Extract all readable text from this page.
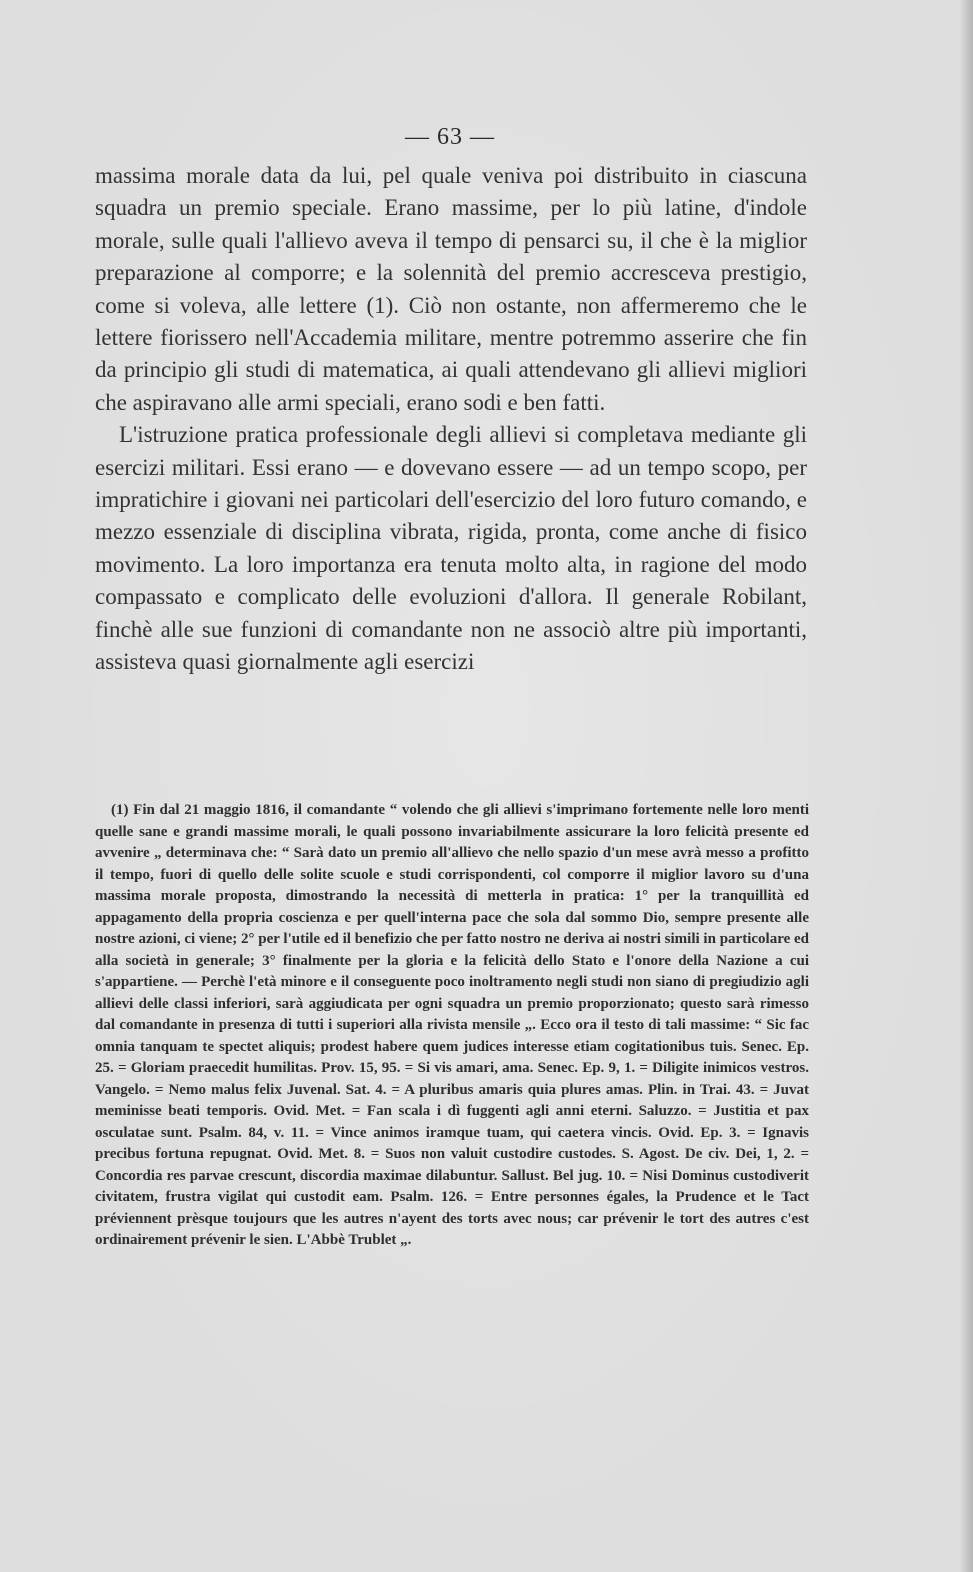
— 63 —

massima morale data da lui, pel quale veniva poi distribuito in ciascuna squadra un premio speciale. Erano massime, per lo più latine, d'indole morale, sulle quali l'allievo aveva il tempo di pensarci su, il che è la miglior preparazione al comporre; e la solennità del premio accresceva prestigio, come si voleva, alle lettere (1). Ciò non ostante, non affermeremo che le lettere fiorissero nell'Accademia militare, mentre potremmo asserire che fin da principio gli studi di matematica, ai quali attendevano gli allievi migliori che aspiravano alle armi speciali, erano sodi e ben fatti.

L'istruzione pratica professionale degli allievi si completava mediante gli esercizi militari. Essi erano — e dovevano essere — ad un tempo scopo, per impratichire i giovani nei particolari dell'esercizio del loro futuro comando, e mezzo essenziale di disciplina vibrata, rigida, pronta, come anche di fisico movimento. La loro importanza era tenuta molto alta, in ragione del modo compassato e complicato delle evoluzioni d'allora. Il generale Robilant, finchè alle sue funzioni di comandante non ne associò altre più importanti, assisteva quasi giornalmente agli esercizi

(1) Fin dal 21 maggio 1816, il comandante “ volendo che gli allievi s'imprimano fortemente nelle loro menti quelle sane e grandi massime morali, le quali possono invariabilmente assicurare la loro felicità presente ed avvenire „ determinava che: “ Sarà dato un premio all'allievo che nello spazio d'un mese avrà messo a profitto il tempo, fuori di quello delle solite scuole e studi corrispondenti, col comporre il miglior lavoro su d'una massima morale proposta, dimostrando la necessità di metterla in pratica: 1° per la tranquillità ed appagamento della propria coscienza e per quell'interna pace che sola dal sommo Dio, sempre presente alle nostre azioni, ci viene; 2° per l'utile ed il benefizio che per fatto nostro ne deriva ai nostri simili in particolare ed alla società in generale; 3° finalmente per la gloria e la felicità dello Stato e l'onore della Nazione a cui s'appartiene. — Perchè l'età minore e il conseguente poco inoltramento negli studi non siano di pregiudizio agli allievi delle classi inferiori, sarà aggiudicata per ogni squadra un premio proporzionato; questo sarà rimesso dal comandante in presenza di tutti i superiori alla rivista mensile „. Ecco ora il testo di tali massime: “ Sic fac omnia tanquam te spectet aliquis; prodest habere quem judices interesse etiam cogitationibus tuis. Senec. Ep. 25. = Gloriam praecedit humilitas. Prov. 15, 95. = Si vis amari, ama. Senec. Ep. 9, 1. = Diligite inimicos vestros. Vangelo. = Nemo malus felix Juvenal. Sat. 4. = A pluribus amaris quia plures amas. Plin. in Trai. 43. = Juvat meminisse beati temporis. Ovid. Met. = Fan scala i dì fuggenti agli anni eterni. Saluzzo. = Justitia et pax osculatae sunt. Psalm. 84, v. 11. = Vince animos iramque tuam, qui caetera vincis. Ovid. Ep. 3. = Ignavis precibus fortuna repugnat. Ovid. Met. 8. = Suos non valuit custodire custodes. S. Agost. De civ. Dei, 1, 2. = Concordia res parvae crescunt, discordia maximae dilabuntur. Sallust. Bel jug. 10. = Nisi Dominus custodiverit civitatem, frustra vigilat qui custodit eam. Psalm. 126. = Entre personnes égales, la Prudence et le Tact préviennent prèsque toujours que les autres n'ayent des torts avec nous; car prévenir le tort des autres c'est ordinairement prévenir le sien. L'Abbè Trublet „.
